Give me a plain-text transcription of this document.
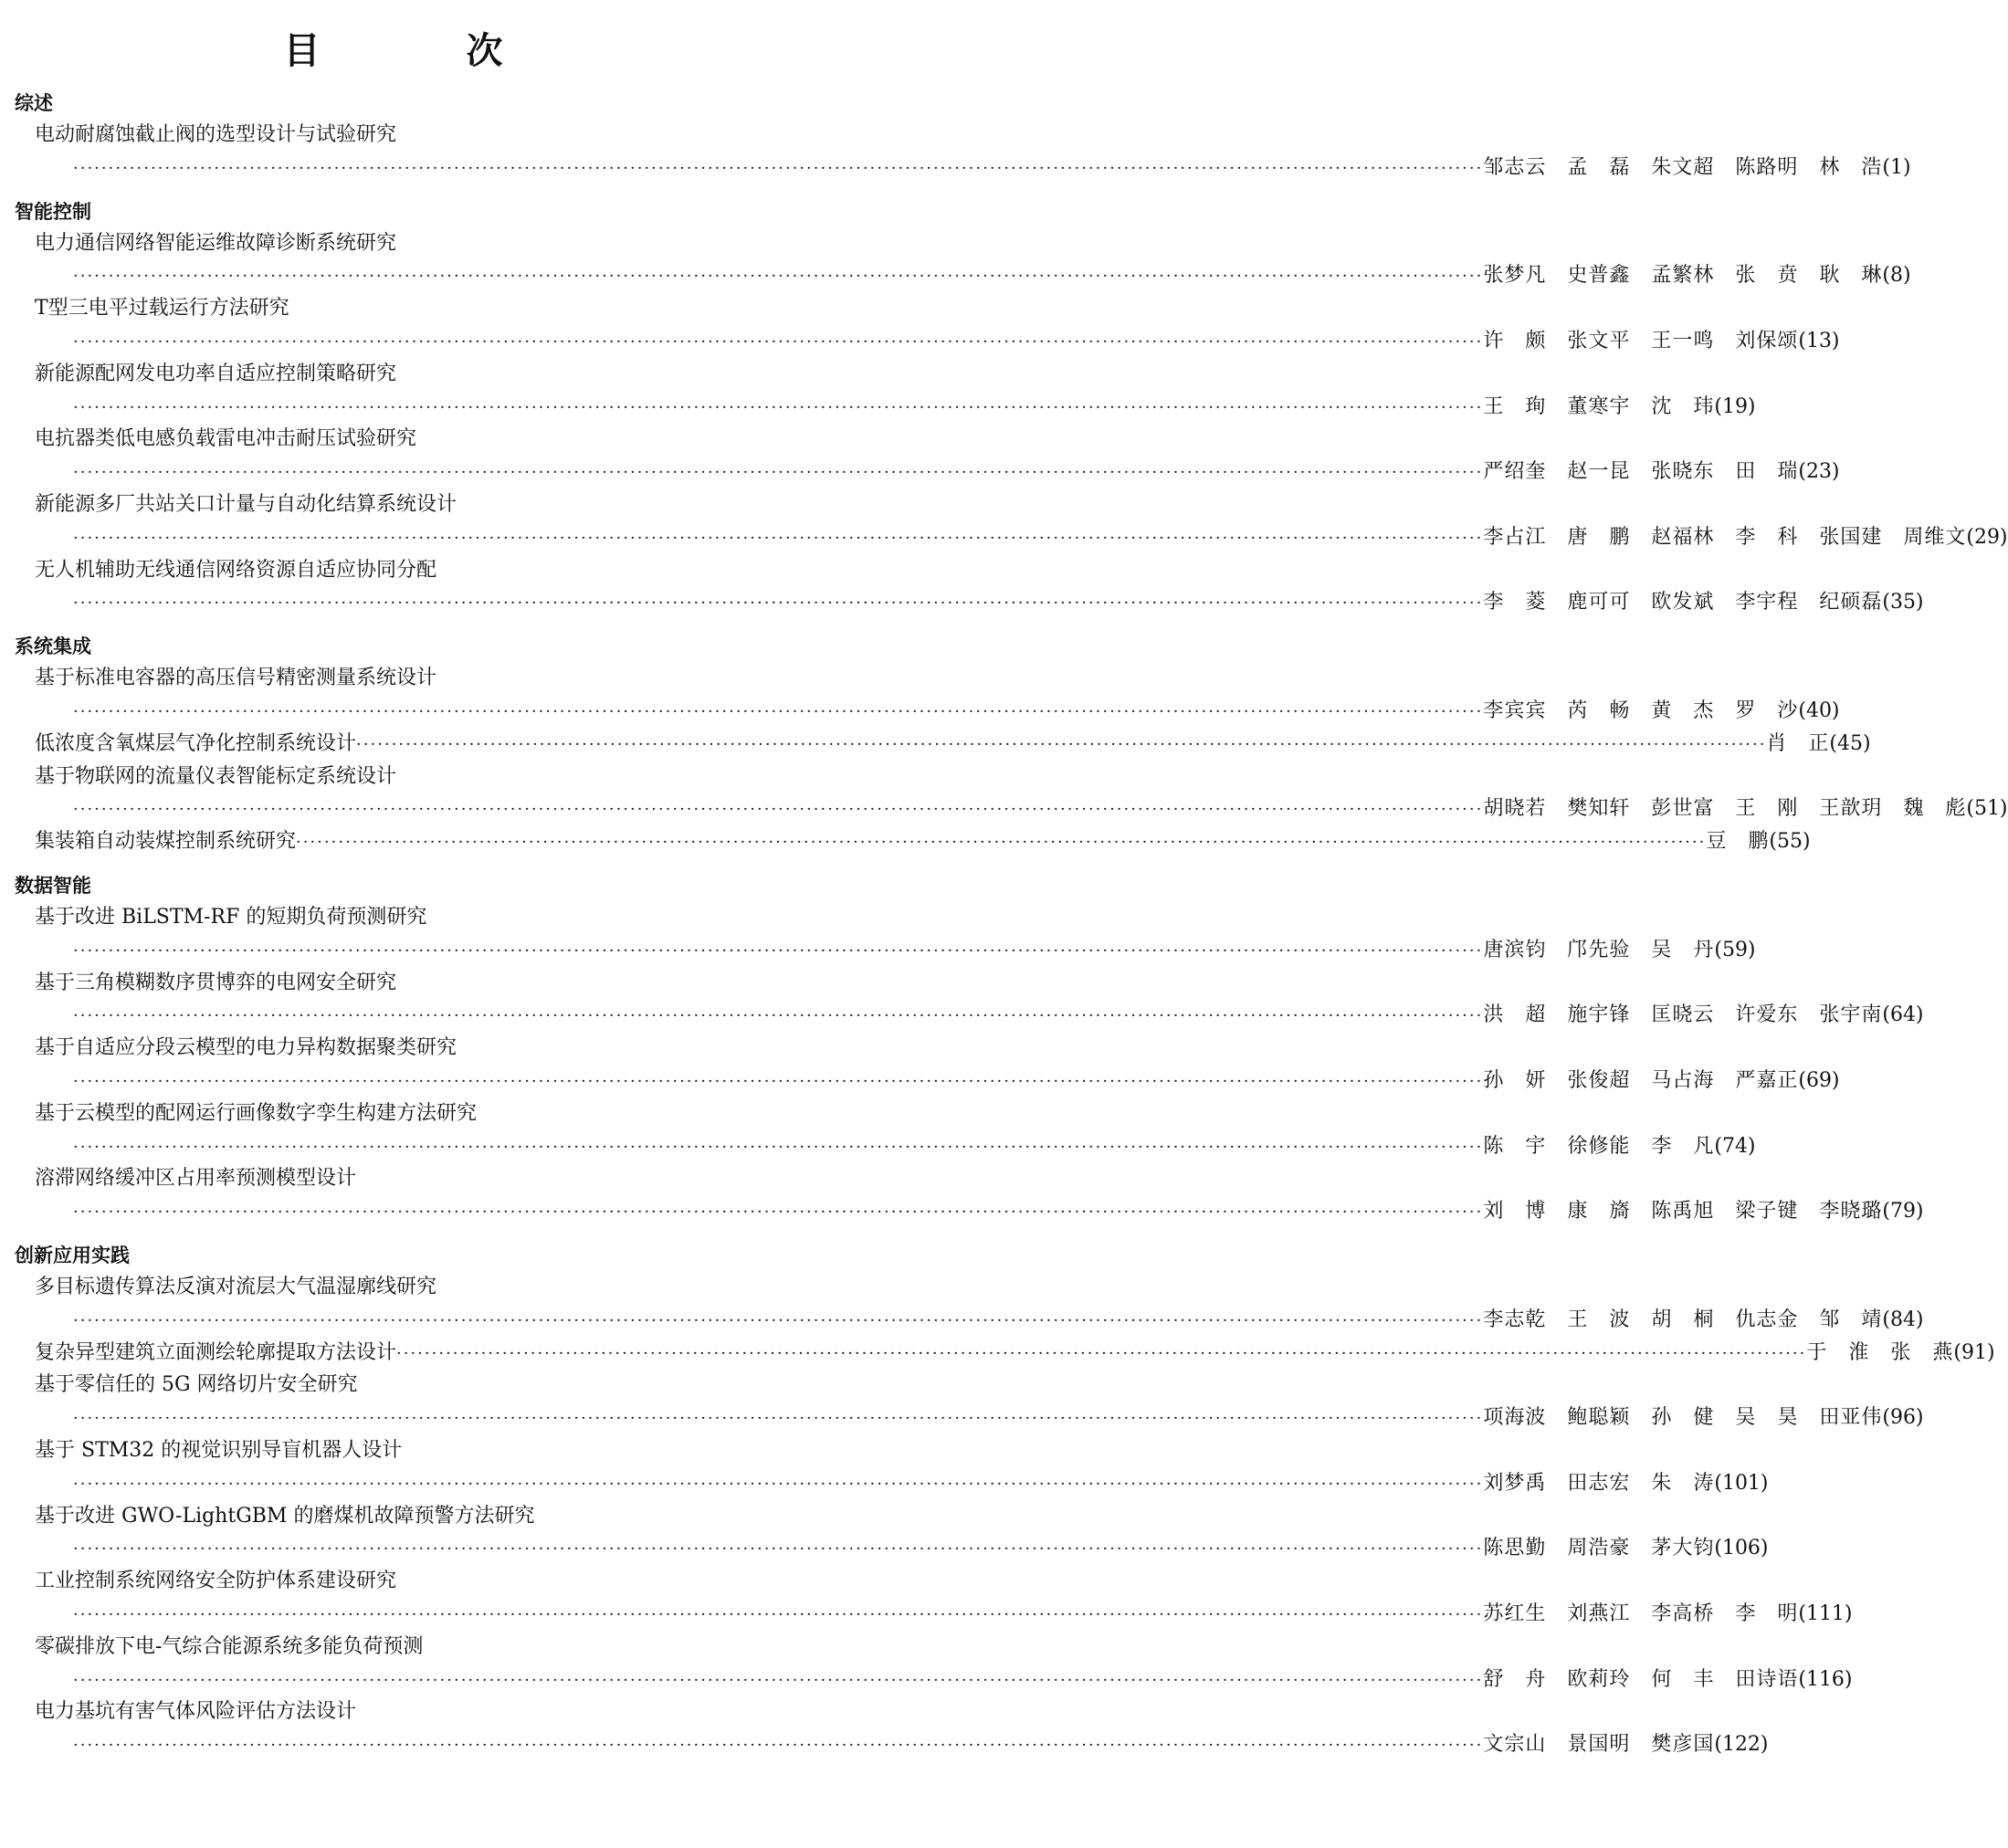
目　次
综述
电动耐腐蚀截止阀的选型设计与试验研究
········································································································································································································ 邹志云　孟　磊　朱文超　陈路明　林　浩 (1)
智能控制
电力通信网络智能运维故障诊断系统研究
········································································································································································································ 张梦凡　史普鑫　孟繁林　张　贲　耿　琳 (8)
T型三电平过载运行方法研究
········································································································································································································ 许　颇　张文平　王一鸣　刘保颂 (13)
新能源配网发电功率自适应控制策略研究
········································································································································································································ 王　珣　董寒宇　沈　玮 (19)
电抗器类低电感负载雷电冲击耐压试验研究
········································································································································································································ 严绍奎　赵一昆　张晓东　田　瑞 (23)
新能源多厂共站关口计量与自动化结算系统设计
········································································································································································································ 李占江　唐　鹏　赵福林　李　科　张国建　周维文 (29)
无人机辅助无线通信网络资源自适应协同分配
········································································································································································································ 李　菱　鹿可可　欧发斌　李宇程　纪硕磊 (35)
系统集成
基于标准电容器的高压信号精密测量系统设计
········································································································································································································ 李宾宾　芮　畅　黄　杰　罗　沙 (40)
低浓度含氧煤层气净化控制系统设计 ········································································································································································································ 肖　正 (45)
基于物联网的流量仪表智能标定系统设计
········································································································································································································ 胡晓若　樊知轩　彭世富　王　刚　王歆玥　魏　彪 (51)
集装箱自动装煤控制系统研究 ········································································································································································································ 豆　鹏 (55)
数据智能
基于改进 BiLSTM-RF 的短期负荷预测研究
········································································································································································································ 唐滨钧　邝先验　吴　丹 (59)
基于三角模糊数序贯博弈的电网安全研究
········································································································································································································ 洪　超　施宇锋　匡晓云　许爱东　张宇南 (64)
基于自适应分段云模型的电力异构数据聚类研究
········································································································································································································ 孙　妍　张俊超　马占海　严嘉正 (69)
基于云模型的配网运行画像数字孪生构建方法研究
········································································································································································································ 陈　宇　徐修能　李　凡 (74)
溶滞网络缓冲区占用率预测模型设计
········································································································································································································ 刘　博　康　旖　陈禹旭　梁子键　李晓璐 (79)
创新应用实践
多目标遗传算法反演对流层大气温湿廓线研究
········································································································································································································ 李志乾　王　波　胡　桐　仇志金　邹　靖 (84)
复杂异型建筑立面测绘轮廓提取方法设计 ········································································································································································································ 于　淮　张　燕 (91)
基于零信任的 5G 网络切片安全研究
········································································································································································································ 项海波　鲍聪颖　孙　健　吴　昊　田亚伟 (96)
基于 STM32 的视觉识别导盲机器人设计
········································································································································································································ 刘梦禹　田志宏　朱　涛 (101)
基于改进 GWO-LightGBM 的磨煤机故障预警方法研究
········································································································································································································ 陈思勤　周浩豪　茅大钧 (106)
工业控制系统网络安全防护体系建设研究
········································································································································································································ 苏红生　刘燕江　李高桥　李　明 (111)
零碳排放下电-气综合能源系统多能负荷预测
········································································································································································································ 舒　舟　欧莉玲　何　丰　田诗语 (116)
电力基坑有害气体风险评估方法设计
········································································································································································································ 文宗山　景国明　樊彦国 (122)
